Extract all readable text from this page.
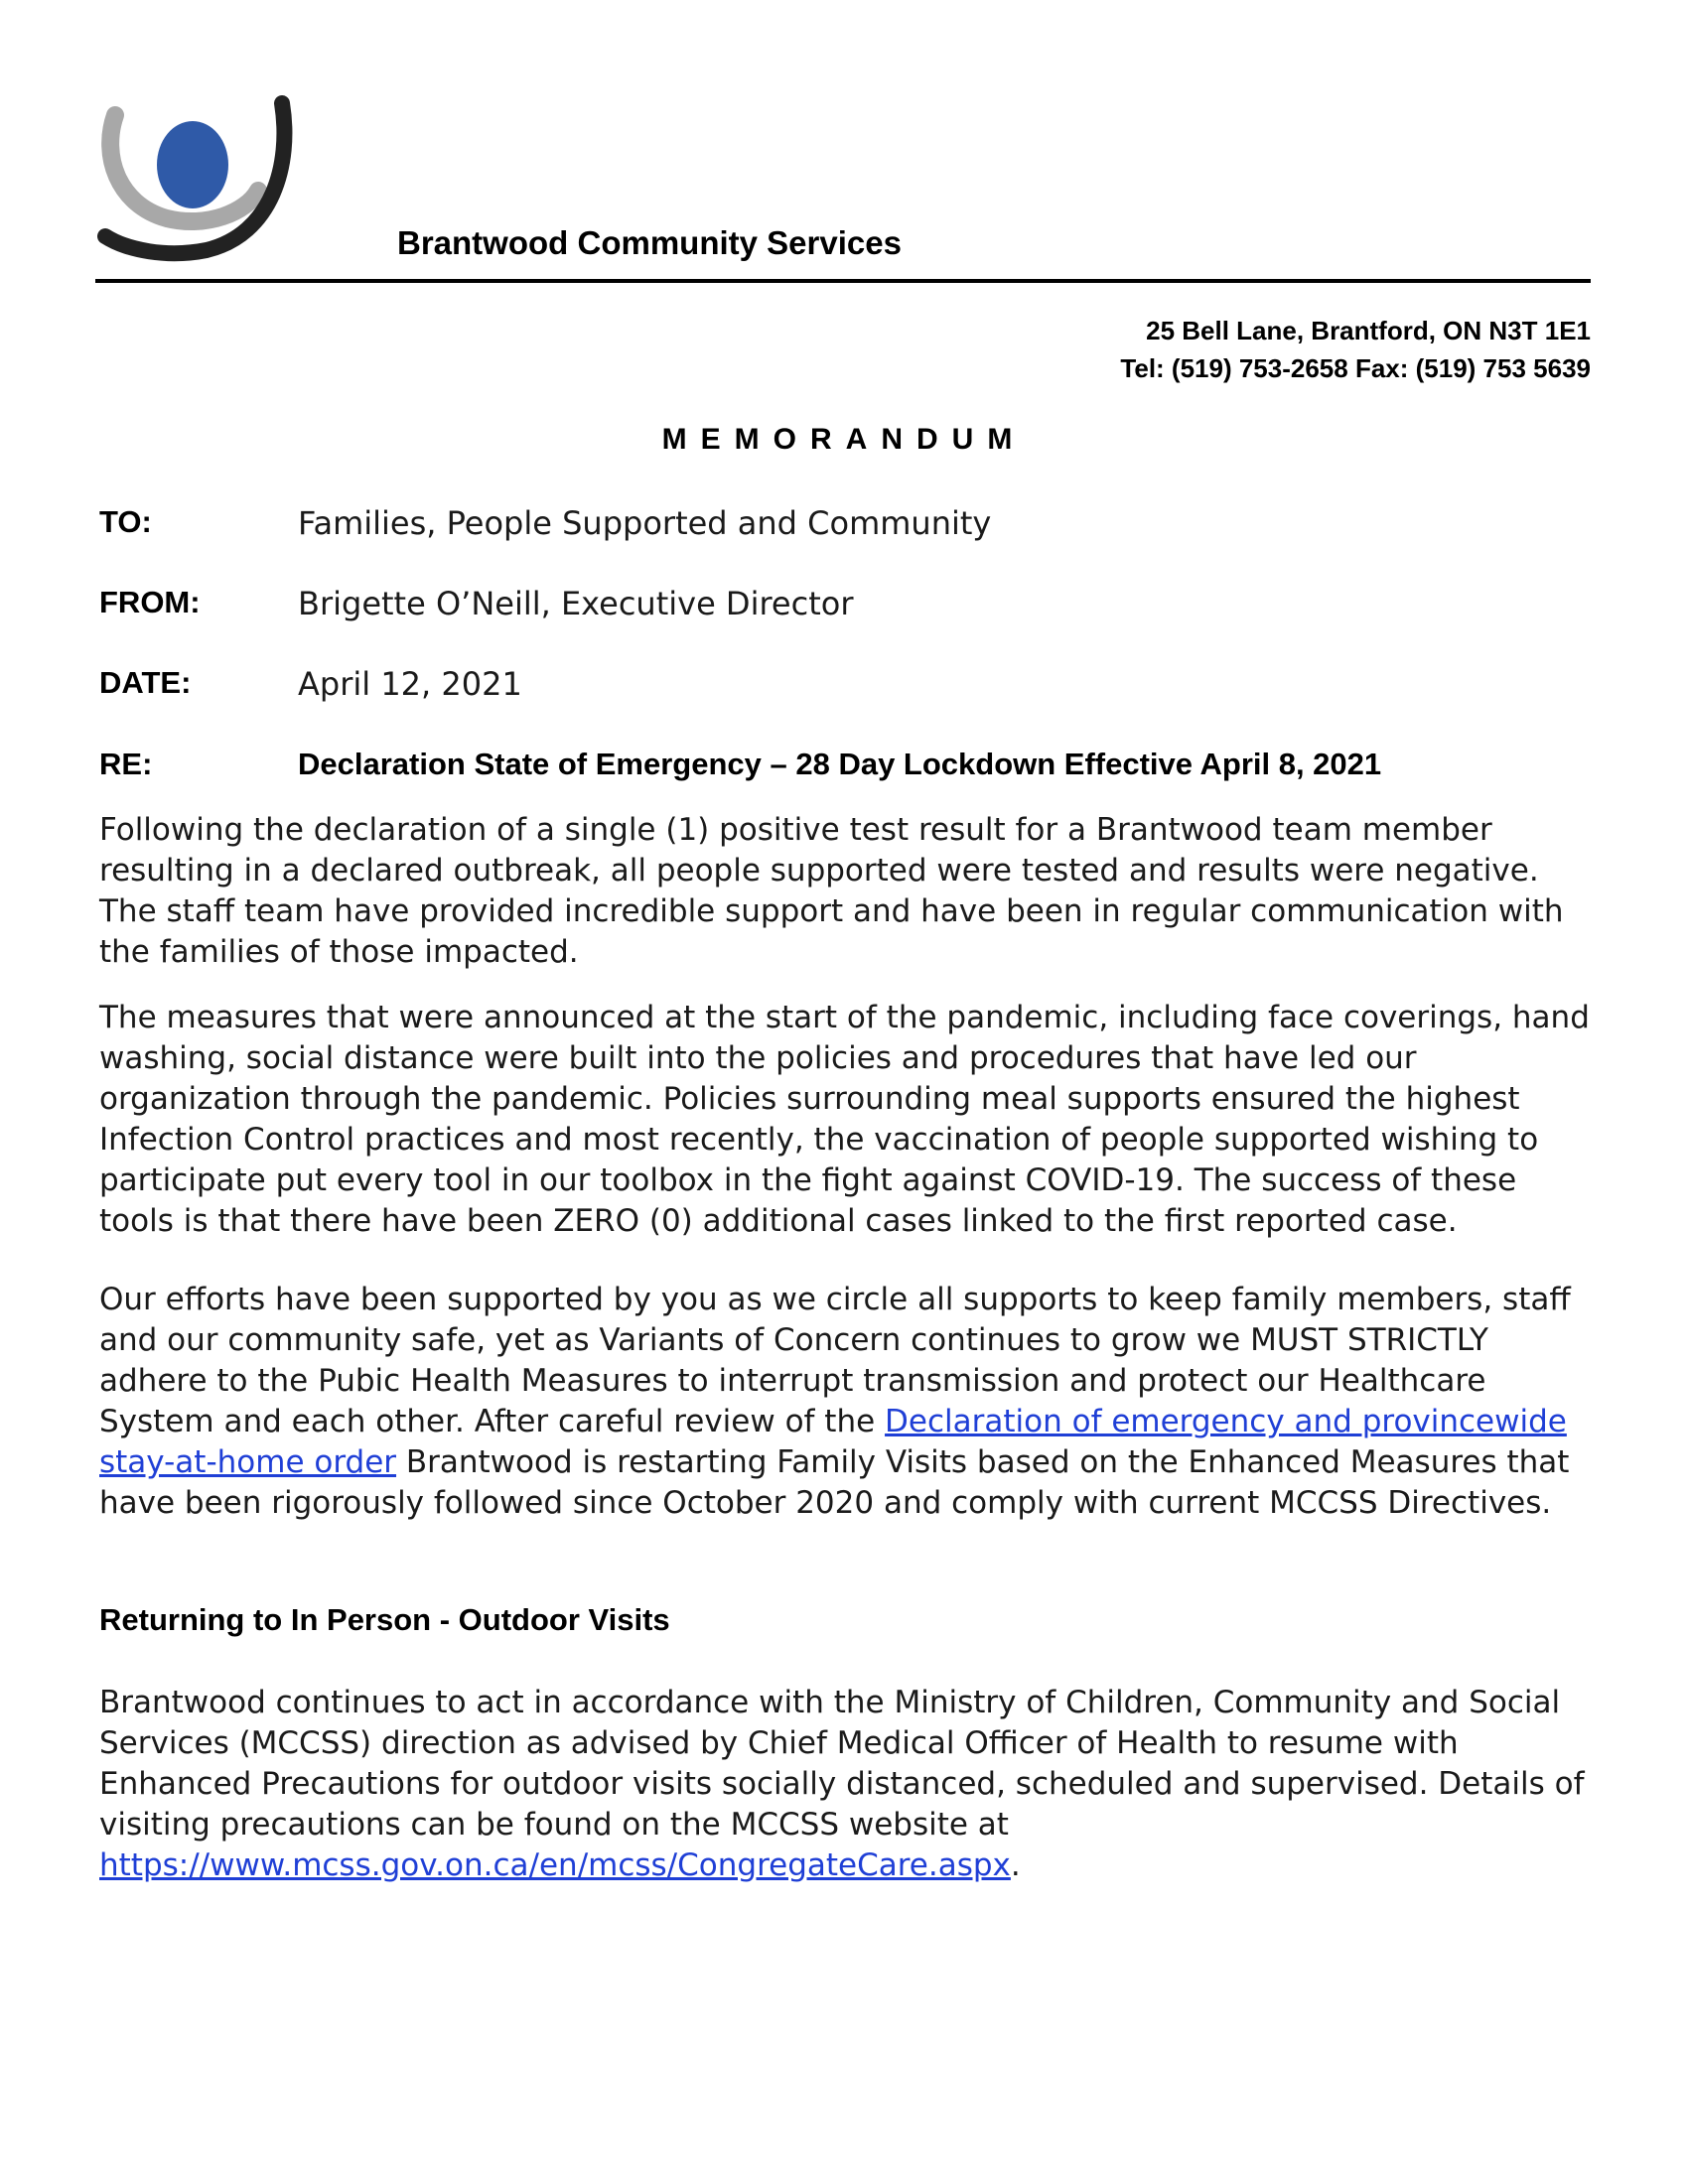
Brantwood Community Services
25 Bell Lane, Brantford, ON N3T 1E1
Tel: (519) 753-2658 Fax: (519) 753 5639
MEMORANDUM
TO:	Families, People Supported and Community
FROM:	Brigette O’Neill, Executive Director
DATE:	April 12, 2021
RE:	Declaration State of Emergency – 28 Day Lockdown Effective April 8, 2021
Following the declaration of a single (1) positive test result for a Brantwood team member resulting in a declared outbreak, all people supported were tested and results were negative. The staff team have provided incredible support and have been in regular communication with the families of those impacted.
The measures that were announced at the start of the pandemic, including face coverings, hand washing, social distance were built into the policies and procedures that have led our organization through the pandemic. Policies surrounding meal supports ensured the highest Infection Control practices and most recently, the vaccination of people supported wishing to participate put every tool in our toolbox in the fight against COVID-19. The success of these tools is that there have been ZERO (0) additional cases linked to the first reported case.
Our efforts have been supported by you as we circle all supports to keep family members, staff and our community safe, yet as Variants of Concern continues to grow we MUST STRICTLY adhere to the Pubic Health Measures to interrupt transmission and protect our Healthcare System and each other. After careful review of the Declaration of emergency and provincewide stay-at-home order Brantwood is restarting Family Visits based on the Enhanced Measures that have been rigorously followed since October 2020 and comply with current MCCSS Directives.
Returning to In Person - Outdoor Visits
Brantwood continues to act in accordance with the Ministry of Children, Community and Social Services (MCCSS) direction as advised by Chief Medical Officer of Health to resume with Enhanced Precautions for outdoor visits socially distanced, scheduled and supervised. Details of visiting precautions can be found on the MCCSS website at https://www.mcss.gov.on.ca/en/mcss/CongregateCare.aspx.
